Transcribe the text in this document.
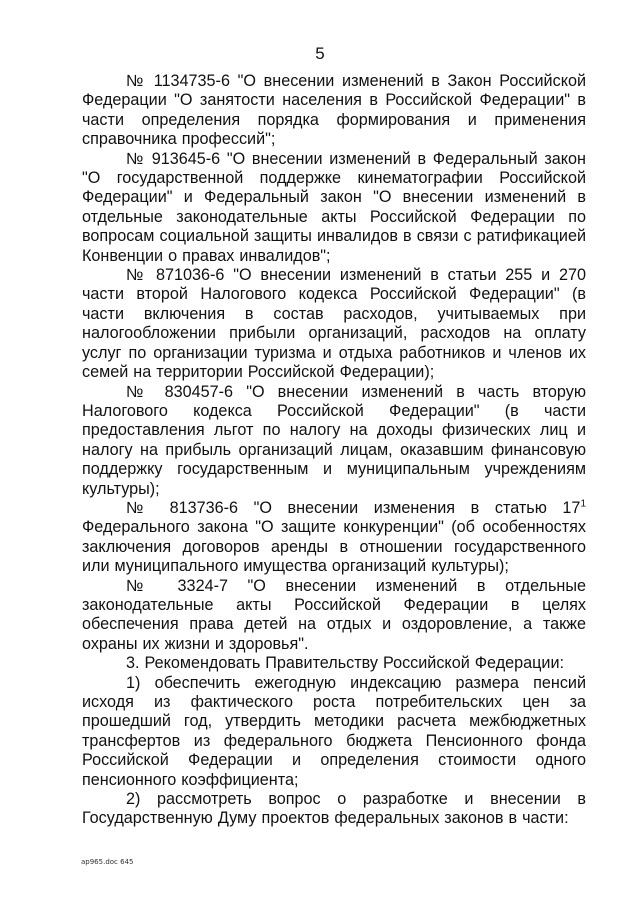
5

№ 1134735-6 "О внесении изменений в Закон Российской Федерации "О занятости населения в Российской Федерации" в части определения порядка формирования и применения справочника профессий";

№ 913645-6 "О внесении изменений в Федеральный закон "О государственной поддержке кинематографии Российской Федерации" и Федеральный закон "О внесении изменений в отдельные законодательные акты Российской Федерации по вопросам социальной защиты инвалидов в связи с ратификацией Конвенции о правах инвалидов";

№ 871036-6 "О внесении изменений в статьи 255 и 270 части второй Налогового кодекса Российской Федерации" (в части включения в состав расходов, учитываемых при налогообложении прибыли организаций, расходов на оплату услуг по организации туризма и отдыха работников и членов их семей на территории Российской Федерации);

№ 830457-6 "О внесении изменений в часть вторую Налогового кодекса Российской Федерации" (в части предоставления льгот по налогу на доходы физических лиц и налогу на прибыль организаций лицам, оказавшим финансовую поддержку государственным и муниципальным учреждениям культуры);

№ 813736-6 "О внесении изменения в статью $17^1$ Федерального закона "О защите конкуренции" (об особенностях заключения договоров аренды в отношении государственного или муниципального имущества организаций культуры);

№ 3324-7 "О внесении изменений в отдельные законодательные акты Российской Федерации в целях обеспечения права детей на отдых и оздоровление, а также охраны их жизни и здоровья".

3. Рекомендовать Правительству Российской Федерации:

1) обеспечить ежегодную индексацию размера пенсий исходя из фактического роста потребительских цен за прошедший год, утвердить методики расчета межбюджетных трансфертов из федерального бюджета Пенсионного фонда Российской Федерации и определения стоимости одного пенсионного коэффициента;

2) рассмотреть вопрос о разработке и внесении в Государственную Думу проектов федеральных законов в части:

ap965.doc 645
